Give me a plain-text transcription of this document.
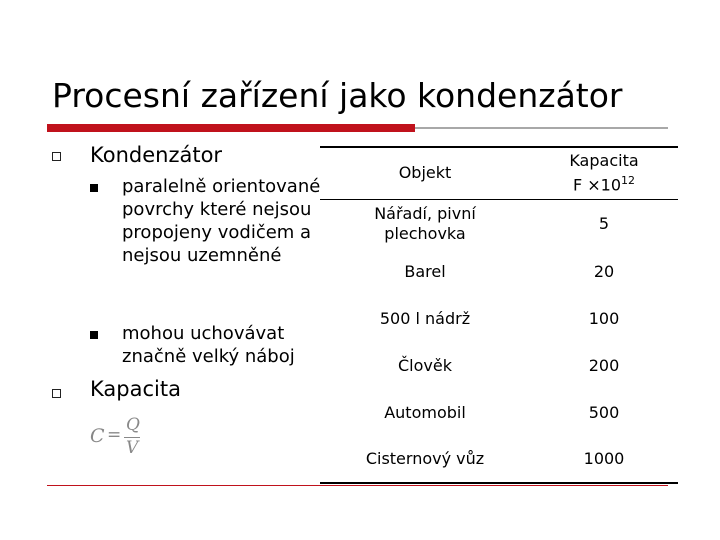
Procesní zařízení jako kondenzátor
Kondenzátor
paralelně orientované povrchy které nejsou propojeny vodičem a nejsou uzemněné
mohou uchovávat značně velký náboj
Kapacita
C = Q
V
Objekt	Kapacita
$F \times 10^{12}$

Nářadí, pivní plechovka	5
Barel	20
500 l nádrž	100
Člověk	200
Automobil	500
Cisternový vůz	1000
